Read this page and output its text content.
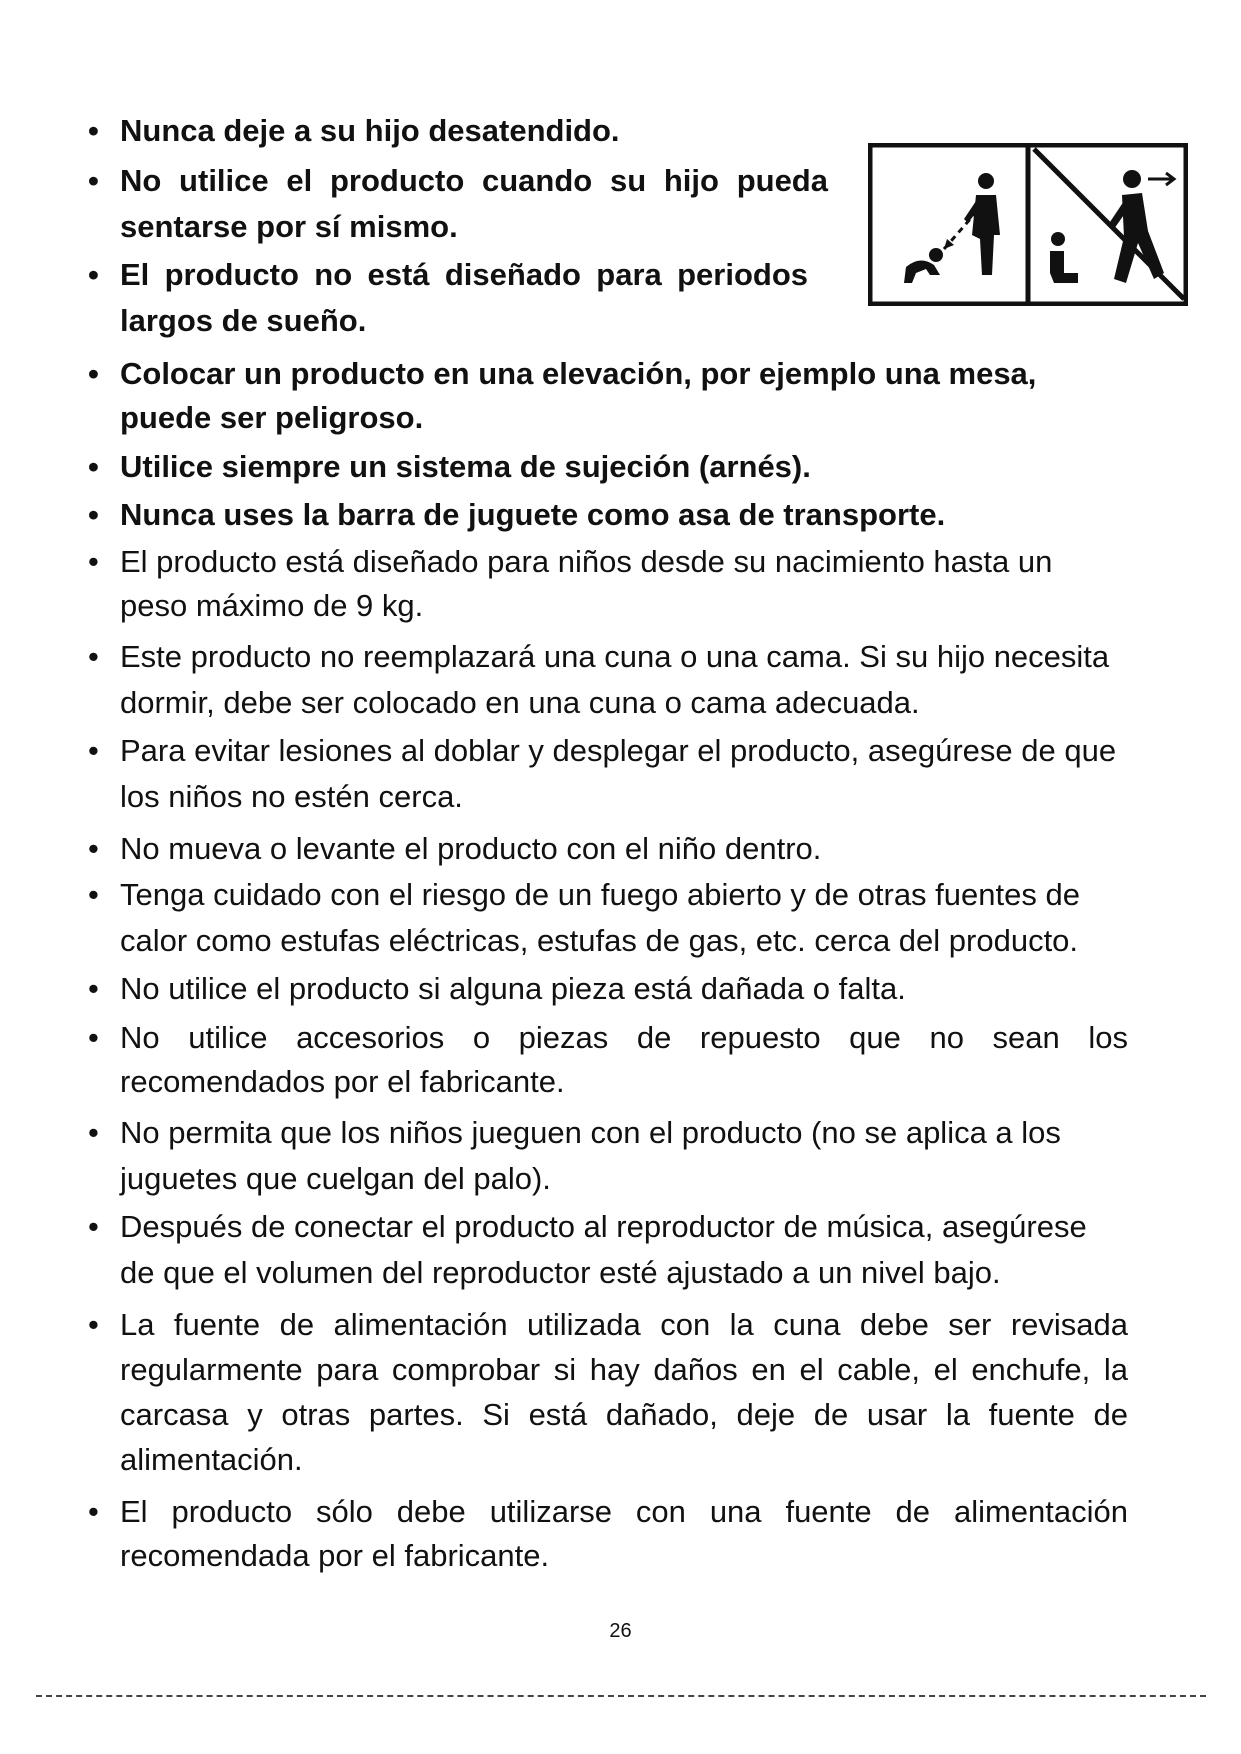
• Nunca deje a su hijo desatendido.
• No utilice el producto cuando su hijo pueda sentarse por sí mismo.
• El producto no está diseñado para periodos largos de sueño.
• Colocar un producto en una elevación, por ejemplo una mesa, puede ser peligroso.
• Utilice siempre un sistema de sujeción (arnés).
• Nunca uses la barra de juguete como asa de transporte.
• El producto está diseñado para niños desde su nacimiento hasta un peso máximo de 9 kg.
• Este producto no reemplazará una cuna o una cama. Si su hijo necesita dormir, debe ser colocado en una cuna o cama adecuada.
• Para evitar lesiones al doblar y desplegar el producto, asegúrese de que los niños no estén cerca.
• No mueva o levante el producto con el niño dentro.
• Tenga cuidado con el riesgo de un fuego abierto y de otras fuentes de calor como estufas eléctricas, estufas de gas, etc. cerca del producto.
• No utilice el producto si alguna pieza está dañada o falta.
• No utilice accesorios o piezas de repuesto que no sean los recomendados por el fabricante.
• No permita que los niños jueguen con el producto (no se aplica a los juguetes que cuelgan del palo).
• Después de conectar el producto al reproductor de música, asegúrese de que el volumen del reproductor esté ajustado a un nivel bajo.
• La fuente de alimentación utilizada con la cuna debe ser revisada regularmente para comprobar si hay daños en el cable, el enchufe, la carcasa y otras partes. Si está dañado, deje de usar la fuente de alimentación.
• El producto sólo debe utilizarse con una fuente de alimentación recomendada por el fabricante.
26
